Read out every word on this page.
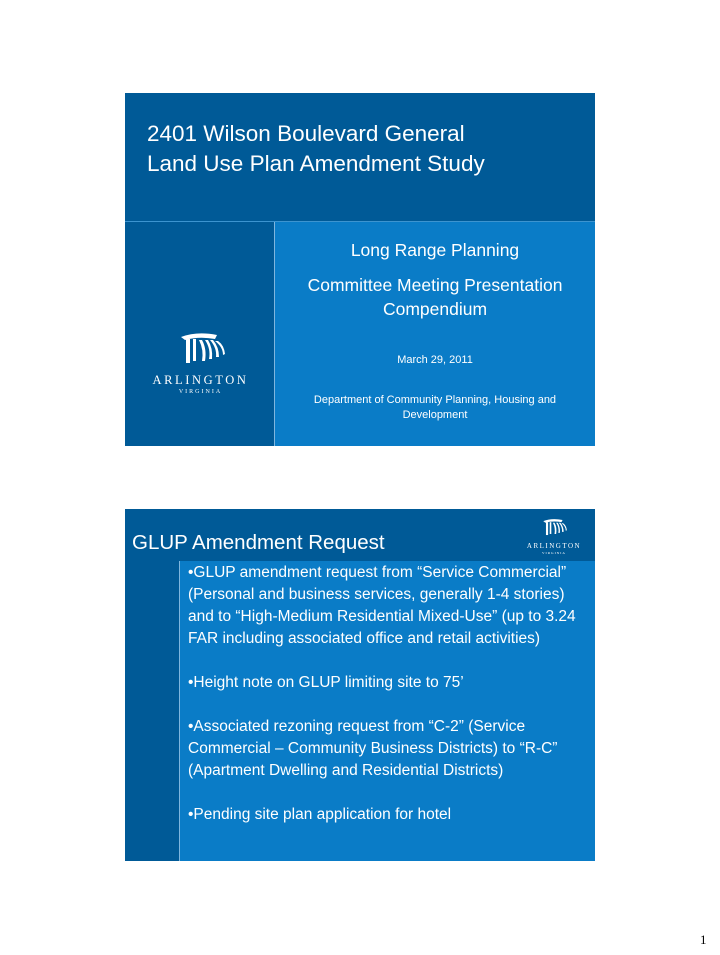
2401 Wilson Boulevard General
Land Use Plan Amendment Study
ARLINGTON
VIRGINIA
Long Range Planning
Committee Meeting Presentation Compendium
March 29, 2011
Department of Community Planning, Housing and Development
GLUP Amendment Request	ARLINGTON
VIRGINIA

•GLUP amendment request from “Service Commercial” (Personal and business services, generally 1-4 stories) and to “High-Medium Residential Mixed-Use” (up to 3.24 FAR including associated office and retail activities)

•Height note on GLUP limiting site to 75’

•Associated rezoning request from “C-2” (Service Commercial – Community Business Districts) to “R-C” (Apartment Dwelling and Residential Districts)

•Pending site plan application for hotel

1
